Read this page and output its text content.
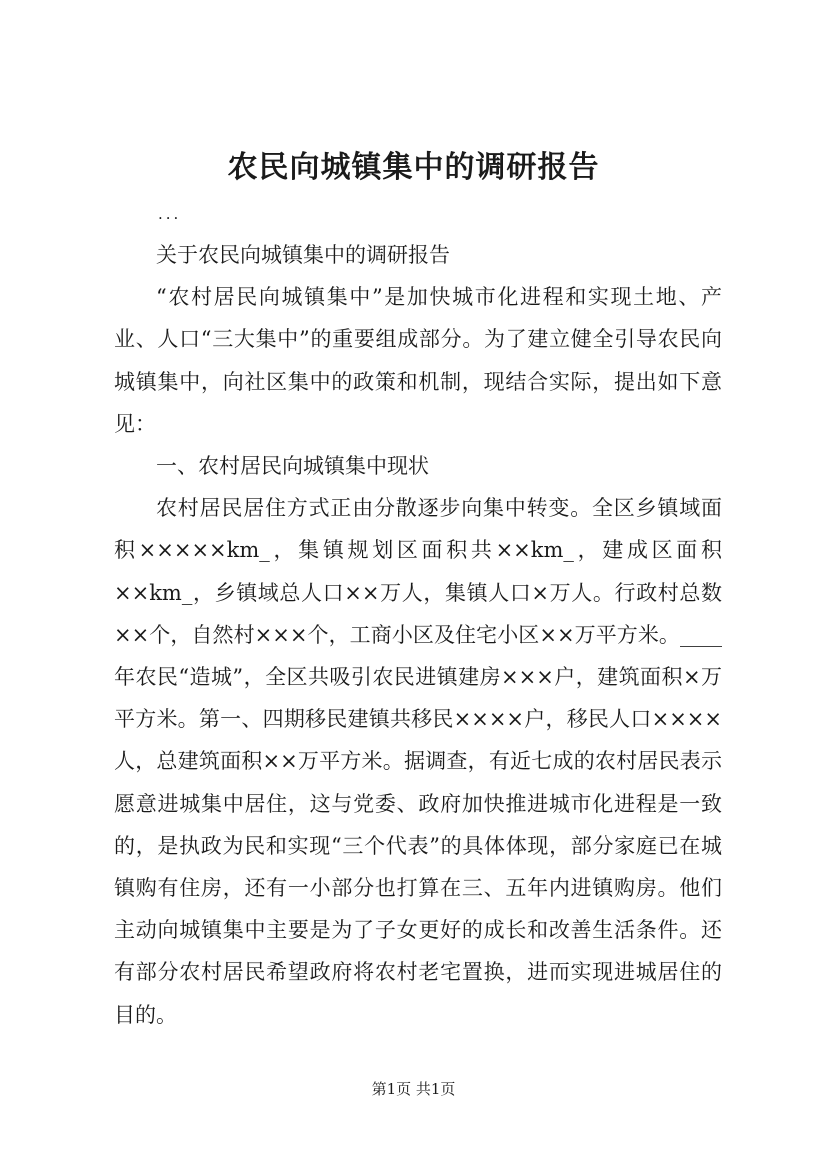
农民向城镇集中的调研报告
...

关于农民向城镇集中的调研报告

“农村居民向城镇集中”是加快城市化进程和实现土地、产业、人口“三大集中”的重要组成部分。为了建立健全引导农民向城镇集中，向社区集中的政策和机制，现结合实际，提出如下意见：

一、农村居民向城镇集中现状

农村居民居住方式正由分散逐步向集中转变。全区乡镇域面积×××××km_，集镇规划区面积共××km_，建成区面积××km_，乡镇域总人口××万人，集镇人口×万人。行政村总数××个，自然村×××个，工商小区及住宅小区××万平方米。____年农民“造城”，全区共吸引农民进镇建房×××户，建筑面积×万平方米。第一、四期移民建镇共移民××××户，移民人口××××人，总建筑面积××万平方米。据调查，有近七成的农村居民表示愿意进城集中居住，这与党委、政府加快推进城市化进程是一致的，是执政为民和实现“三个代表”的具体体现，部分家庭已在城镇购有住房，还有一小部分也打算在三、五年内进镇购房。他们主动向城镇集中主要是为了子女更好的成长和改善生活条件。还有部分农村居民希望政府将农村老宅置换，进而实现进城居住的目的。

第1页 共1页
